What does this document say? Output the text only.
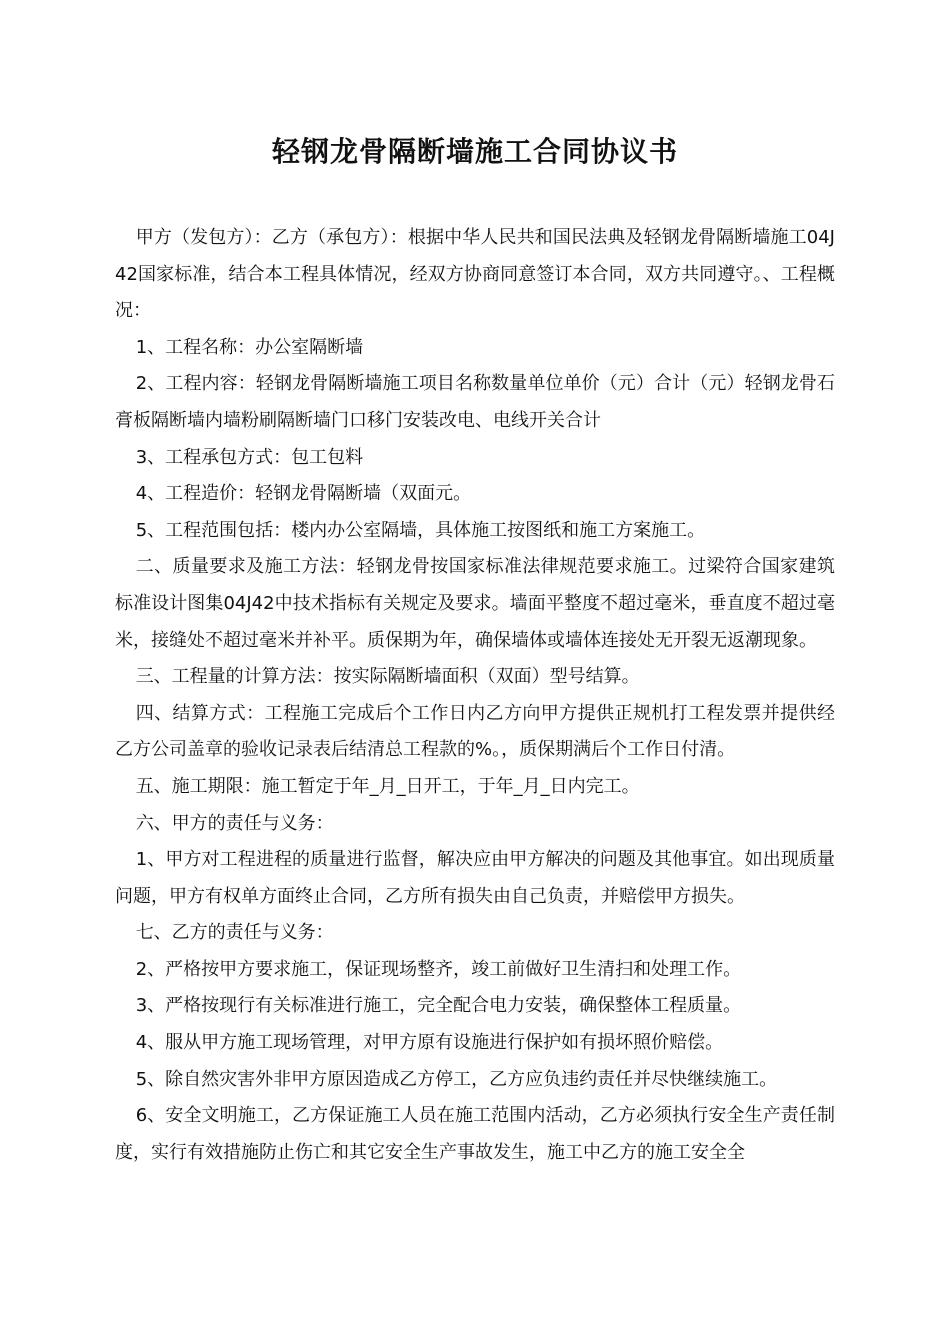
轻钢龙骨隔断墙施工合同协议书

甲方（发包方）：乙方（承包方）：根据中华人民共和国民法典及轻钢龙骨隔断墙施工04J42国家标准，结合本工程具体情况，经双方协商同意签订本合同，双方共同遵守。、工程概况：

1、工程名称：办公室隔断墙

2、工程内容：轻钢龙骨隔断墙施工项目名称数量单位单价（元）合计（元）轻钢龙骨石膏板隔断墙内墙粉刷隔断墙门口移门安装改电、电线开关合计

3、工程承包方式：包工包料

4、工程造价：轻钢龙骨隔断墙（双面元。

5、工程范围包括：楼内办公室隔墙，具体施工按图纸和施工方案施工。

二、质量要求及施工方法：轻钢龙骨按国家标准法律规范要求施工。过梁符合国家建筑标准设计图集04J42中技术指标有关规定及要求。墙面平整度不超过毫米，垂直度不超过毫米，接缝处不超过毫米并补平。质保期为年，确保墙体或墙体连接处无开裂无返潮现象。

三、工程量的计算方法：按实际隔断墙面积（双面）型号结算。

四、结算方式：工程施工完成后个工作日内乙方向甲方提供正规机打工程发票并提供经乙方公司盖章的验收记录表后结清总工程款的%。，质保期满后个工作日付清。

五、施工期限：施工暂定于年_月_日开工，于年_月_日内完工。

六、甲方的责任与义务：

1、甲方对工程进程的质量进行监督，解决应由甲方解决的问题及其他事宜。如出现质量问题，甲方有权单方面终止合同，乙方所有损失由自己负责，并赔偿甲方损失。

七、乙方的责任与义务：

2、严格按甲方要求施工，保证现场整齐，竣工前做好卫生清扫和处理工作。

3、严格按现行有关标准进行施工，完全配合电力安装，确保整体工程质量。

4、服从甲方施工现场管理，对甲方原有设施进行保护如有损坏照价赔偿。

5、除自然灾害外非甲方原因造成乙方停工，乙方应负违约责任并尽快继续施工。

6、安全文明施工，乙方保证施工人员在施工范围内活动，乙方必须执行安全生产责任制度，实行有效措施防止伤亡和其它安全生产事故发生，施工中乙方的施工安全全
